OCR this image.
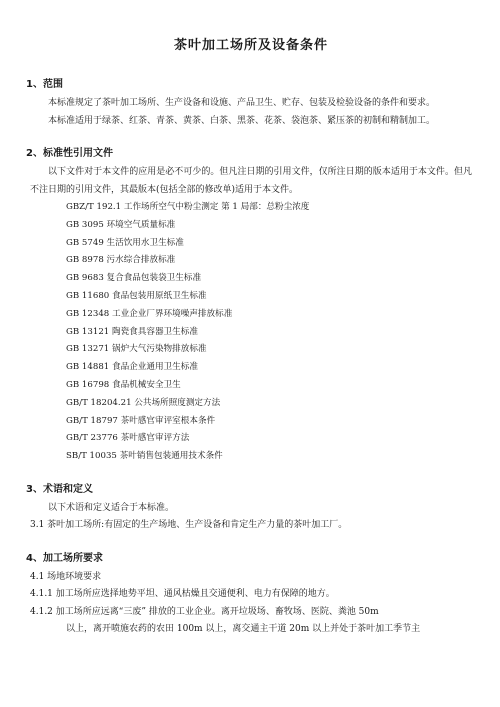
茶叶加工场所及设备条件
1、范围

本标准规定了茶叶加工场所、生产设备和设施、产品卫生、贮存、包装及检验设备的条件和要求。

本标准适用于绿茶、红茶、青茶、黄茶、白茶、黑茶、花茶、袋泡茶、紧压茶的初制和精制加工。

2、标准性引用文件

以下文件对于本文件的应用是必不可少的。但凡注日期的引用文件，仅所注日期的版本适用于本文件。但凡不注日期的引用文件，其最版本(包括全部的修改单)适用于本文件。

GBZ/T 192.1 工作场所空气中粉尘测定 第 1 局部：总粉尘浓度
GB 3095 环境空气质量标准
GB 5749 生活饮用水卫生标准
GB 8978 污水综合排放标准
GB 9683 复合食品包装袋卫生标准
GB 11680 食品包装用原纸卫生标准
GB 12348 工业企业厂界环境噪声排放标准
GB 13121 陶瓷食具容器卫生标准
GB 13271 锅炉大气污染物排放标准
GB 14881 食品企业通用卫生标准
GB 16798 食品机械安全卫生
GB/T 18204.21 公共场所照度测定方法
GB/T 18797 茶叶感官审评室根本条件
GB/T 23776 茶叶感官审评方法
SB/T 10035 茶叶销售包装通用技术条件
3、术语和定义

以下术语和定义适合于本标准。

3.1 茶叶加工场所:有固定的生产场地、生产设备和肯定生产力量的茶叶加工厂。

4、加工场所要求

4.1 场地环境要求

4.1.1 加工场所应选择地势平坦、通风枯燥且交通便利、电力有保障的地方。

4.1.2 加工场所应远离“三废” 排放的工业企业。离开垃圾场、畜牧场、医院、粪池 50m

以上，离开喷施农药的农田 100m 以上，离交通主干道 20m 以上并处于茶叶加工季节主
